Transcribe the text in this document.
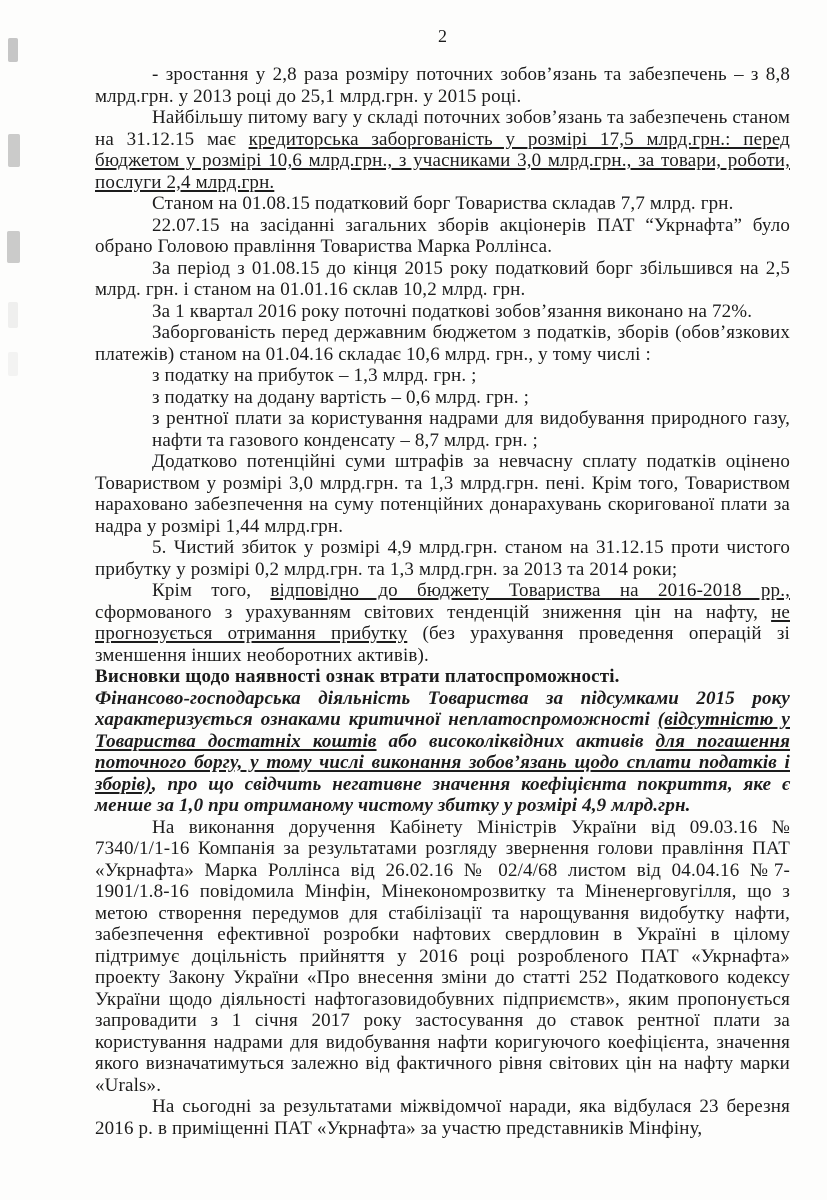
2

- зростання у 2,8 раза розміру поточних зобов’язань та забезпечень – з 8,8 млрд.грн. у 2013 році до 25,1 млрд.грн. у 2015 році.

Найбільшу питому вагу у складі поточних зобов’язань та забезпечень станом на 31.12.15 має кредиторська заборгованість у розмірі 17,5 млрд.грн.: перед бюджетом у розмірі 10,6 млрд.грн., з учасниками 3,0 млрд.грн., за товари, роботи, послуги 2,4 млрд.грн.

Станом на 01.08.15 податковий борг Товариства складав 7,7 млрд. грн.

22.07.15 на засіданні загальних зборів акціонерів ПАТ “Укрнафта” було обрано Головою правління Товариства Марка Роллінса.

За період з 01.08.15 до кінця 2015 року податковий борг збільшився на 2,5 млрд. грн. і станом на 01.01.16 склав 10,2 млрд. грн.

За 1 квартал 2016 року поточні податкові зобов’язання виконано на 72%.

Заборгованість перед державним бюджетом з податків, зборів (обов’язкових платежів) станом на 01.04.16 складає 10,6 млрд. грн., у тому числі :

з податку на прибуток – 1,3 млрд. грн. ;

з податку на додану вартість – 0,6 млрд. грн. ;

з рентної плати за користування надрами для видобування природного газу, нафти та газового конденсату – 8,7 млрд. грн. ;

Додатково потенційні суми штрафів за невчасну сплату податків оцінено Товариством у розмірі 3,0 млрд.грн. та 1,3 млрд.грн. пені. Крім того, Товариством нараховано забезпечення на суму потенційних донарахувань скоригованої плати за надра у розмірі 1,44 млрд.грн.

5. Чистий збиток у розмірі 4,9 млрд.грн. станом на 31.12.15 проти чистого прибутку у розмірі 0,2 млрд.грн. та 1,3 млрд.грн. за 2013 та 2014 роки;

Крім того, відповідно до бюджету Товариства на 2016-2018 рр., сформованого з урахуванням світових тенденцій зниження цін на нафту, не прогнозується отримання прибутку (без урахування проведення операцій зі зменшення інших необоротних активів).

Висновки щодо наявності ознак втрати платоспроможності.

Фінансово-господарська діяльність Товариства за підсумками 2015 року характеризується ознаками критичної неплатоспроможності (відсутністю у Товариства достатніх коштів або високоліквідних активів для погашення поточного боргу, у тому числі виконання зобов’язань щодо сплати податків і зборів), про що свідчить негативне значення коефіцієнта покриття, яке є менше за 1,0 при отриманому чистому збитку у розмірі 4,9 млрд.грн.

На виконання доручення Кабінету Міністрів України від 09.03.16 № 7340/1/1-16 Компанія за результатами розгляду звернення голови правління ПАТ «Укрнафта» Марка Роллінса від 26.02.16 № 02/4/68 листом від 04.04.16 №7-1901/1.8-16 повідомила Мінфін, Мінекономрозвитку та Міненерговугілля, що з метою створення передумов для стабілізації та нарощування видобутку нафти, забезпечення ефективної розробки нафтових свердловин в Україні в цілому підтримує доцільність прийняття у 2016 році розробленого ПАТ «Укрнафта» проекту Закону України «Про внесення зміни до статті 252 Податкового кодексу України щодо діяльності нафтогазовидобувних підприємств», яким пропонується запровадити з 1 січня 2017 року застосування до ставок рентної плати за користування надрами для видобування нафти коригуючого коефіцієнта, значення якого визначатимуться залежно від фактичного рівня світових цін на нафту марки «Urals».

На сьогодні за результатами міжвідомчої наради, яка відбулася 23 березня 2016 р. в приміщенні ПАТ «Укрнафта» за участю представників Мінфіну,
